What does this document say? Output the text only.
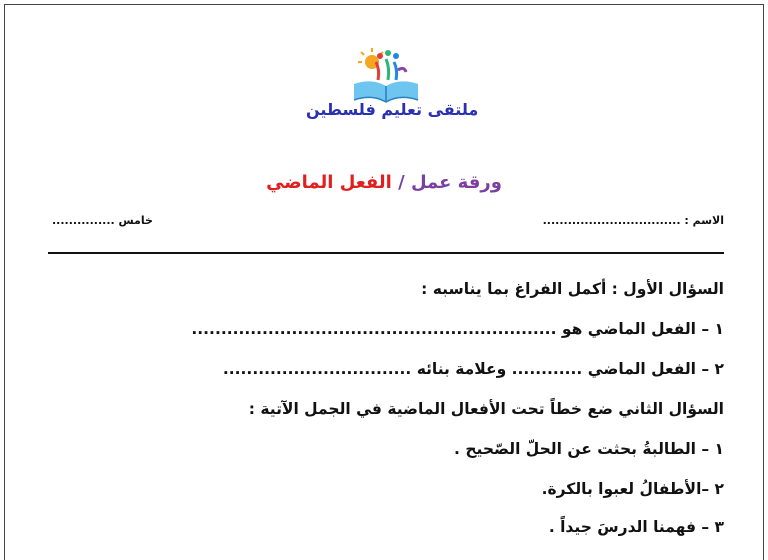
ملتقى تعليم فلسطين
ورقة عمل / الفعل الماضي
الاسم : .................................
خامس ...............
السؤال الأول : أكمل الفراغ بما يناسبه :
١ – الفعل الماضي هو ..............................................................
٢ – الفعل الماضي ............ وعلامة بنائه ................................
السؤال الثاني ضع خطاً تحت الأفعال الماضية في الجمل الآتية :
١ – الطالبةُ بحثت عن الحلّ الصّحيح .
٢ –الأطفالُ لعبوا بالكرة.
٣ – فهمنا الدرسَ جيداً .
